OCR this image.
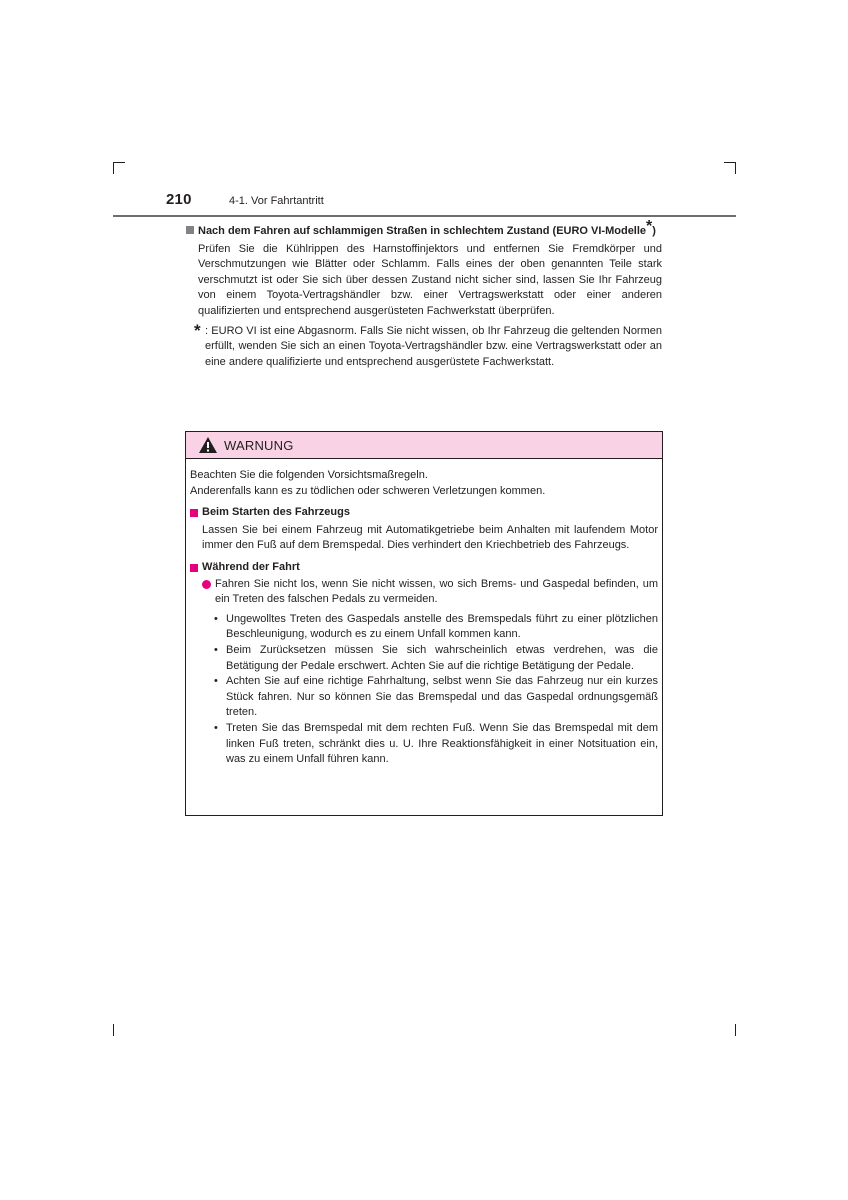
210	4-1. Vor Fahrtantritt
Nach dem Fahren auf schlammigen Straßen in schlechtem Zustand (EURO VI-Modelle*)
Prüfen Sie die Kühlrippen des Harnstoffinjektors und entfernen Sie Fremdkörper und Verschmutzungen wie Blätter oder Schlamm. Falls eines der oben genannten Teile stark verschmutzt ist oder Sie sich über dessen Zustand nicht sicher sind, lassen Sie Ihr Fahrzeug von einem Toyota-Vertragshändler bzw. einer Vertragswerkstatt oder einer anderen qualifizierten und entsprechend ausgerüsteten Fachwerkstatt überprüfen.
* : EURO VI ist eine Abgasnorm. Falls Sie nicht wissen, ob Ihr Fahrzeug die geltenden Normen erfüllt, wenden Sie sich an einen Toyota-Vertragshändler bzw. eine Vertragswerkstatt oder an eine andere qualifizierte und entsprechend ausgerüstete Fachwerkstatt.
WARNUNG
Beachten Sie die folgenden Vorsichtsmaßregeln.
Anderenfalls kann es zu tödlichen oder schweren Verletzungen kommen.
Beim Starten des Fahrzeugs
Lassen Sie bei einem Fahrzeug mit Automatikgetriebe beim Anhalten mit laufendem Motor immer den Fuß auf dem Bremspedal. Dies verhindert den Kriechbetrieb des Fahrzeugs.
Während der Fahrt
Fahren Sie nicht los, wenn Sie nicht wissen, wo sich Brems- und Gaspedal befinden, um ein Treten des falschen Pedals zu vermeiden.
• Ungewolltes Treten des Gaspedals anstelle des Bremspedals führt zu einer plötzlichen Beschleunigung, wodurch es zu einem Unfall kommen kann.
• Beim Zurücksetzen müssen Sie sich wahrscheinlich etwas verdrehen, was die Betätigung der Pedale erschwert. Achten Sie auf die richtige Betätigung der Pedale.
• Achten Sie auf eine richtige Fahrhaltung, selbst wenn Sie das Fahrzeug nur ein kurzes Stück fahren. Nur so können Sie das Bremspedal und das Gaspedal ordnungsgemäß treten.
• Treten Sie das Bremspedal mit dem rechten Fuß. Wenn Sie das Bremspedal mit dem linken Fuß treten, schränkt dies u. U. Ihre Reaktionsfähigkeit in einer Notsituation ein, was zu einem Unfall führen kann.
